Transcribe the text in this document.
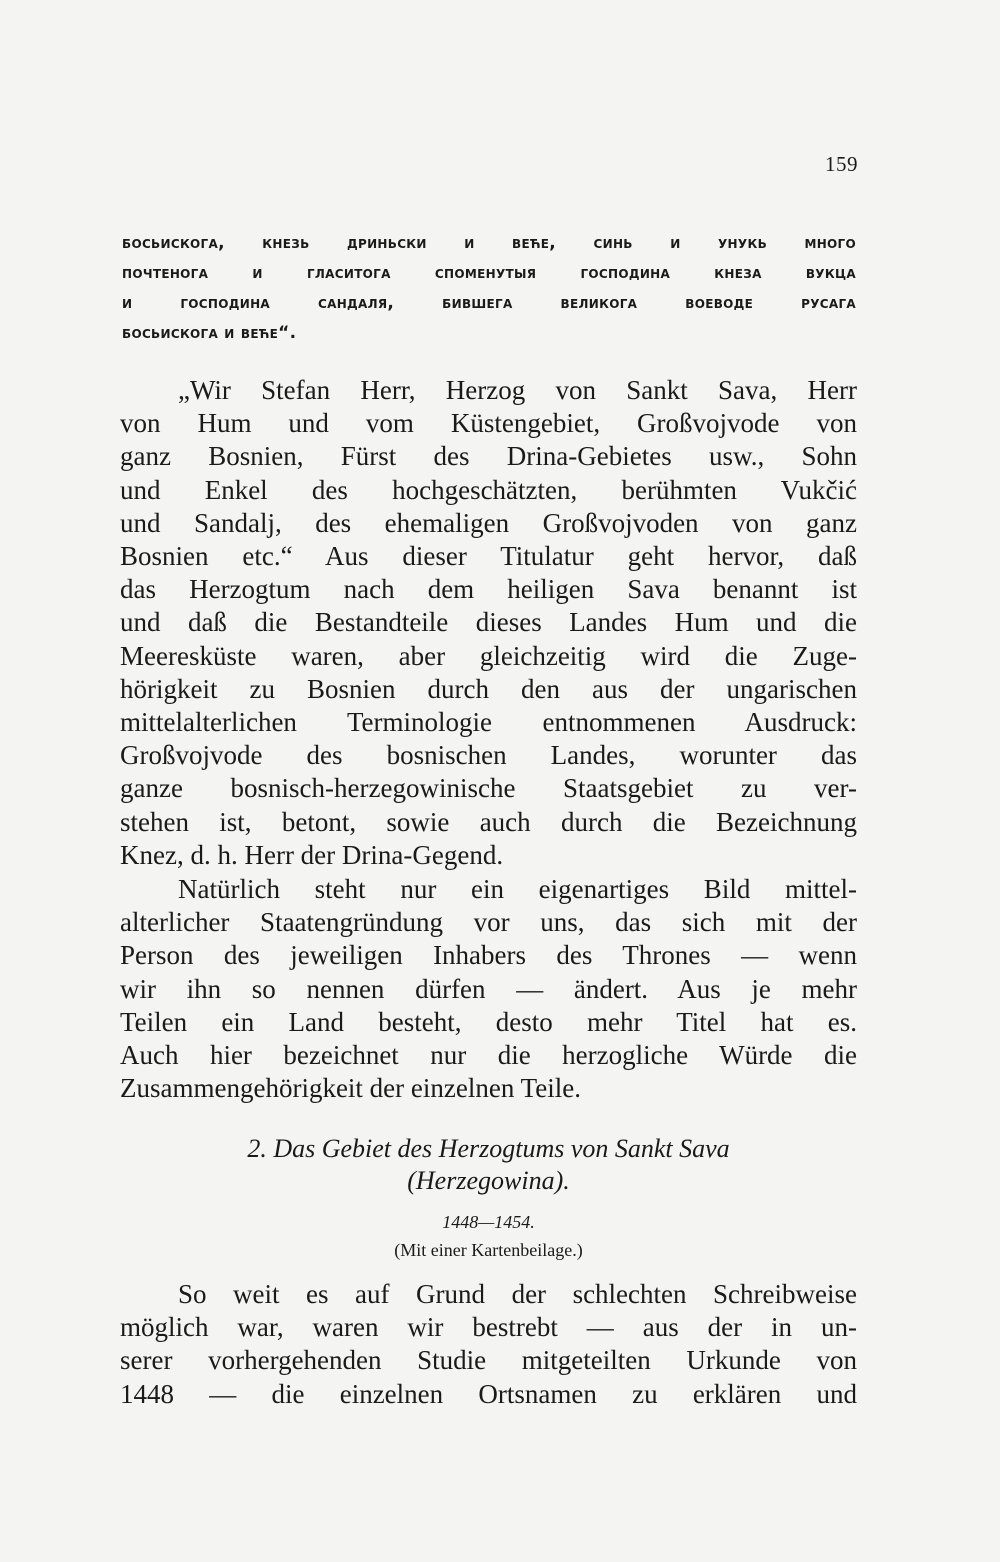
159
босьискога, кнезь дриньски и веће, синь и унукь много
почтенога и гласитога споменутыя господина кнеза вукца
и господина сандаля, бившега великога воеводе русага
босьискога и веће“.
„Wir Stefan Herr, Herzog von Sankt Sava, Herr
von Hum und vom Küstengebiet, Großvojvode von
ganz Bosnien, Fürst des Drina-Gebietes usw., Sohn
und Enkel des hochgeschätzten, berühmten Vukčić
und Sandalj, des ehemaligen Großvojvoden von ganz
Bosnien etc.“ Aus dieser Titulatur geht hervor, daß
das Herzogtum nach dem heiligen Sava benannt ist
und daß die Bestandteile dieses Landes Hum und die
Meeresküste waren, aber gleichzeitig wird die Zuge-
hörigkeit zu Bosnien durch den aus der ungarischen
mittelalterlichen Terminologie entnommenen Ausdruck:
Großvojvode des bosnischen Landes, worunter das
ganze bosnisch-herzegowinische Staatsgebiet zu ver-
stehen ist, betont, sowie auch durch die Bezeichnung
Knez, d. h. Herr der Drina-Gegend.
Natürlich steht nur ein eigenartiges Bild mittel-
alterlicher Staatengründung vor uns, das sich mit der
Person des jeweiligen Inhabers des Thrones — wenn
wir ihn so nennen dürfen — ändert. Aus je mehr
Teilen ein Land besteht, desto mehr Titel hat es.
Auch hier bezeichnet nur die herzogliche Würde die
Zusammengehörigkeit der einzelnen Teile.
2. Das Gebiet des Herzogtums von Sankt Sava
(Herzegowina).
1448—1454.
(Mit einer Kartenbeilage.)
So weit es auf Grund der schlechten Schreibweise
möglich war, waren wir bestrebt — aus der in un-
serer vorhergehenden Studie mitgeteilten Urkunde von
1448 — die einzelnen Ortsnamen zu erklären und
